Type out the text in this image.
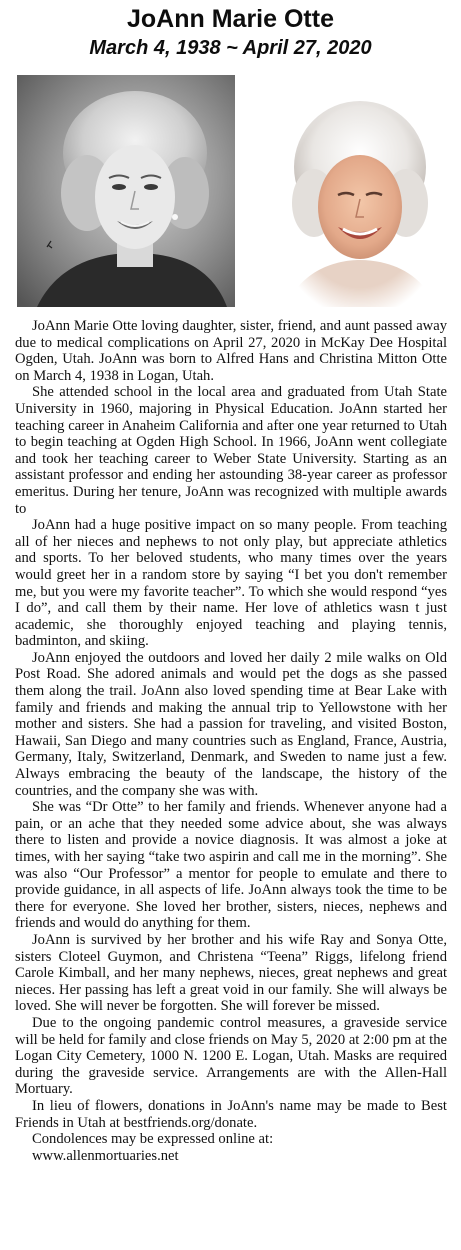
JoAnn Marie Otte
March 4, 1938 ~ April 27, 2020

JoAnn Marie Otte loving daughter, sister, friend, and aunt passed away due to medical complications on April 27, 2020 in McKay Dee Hospital Ogden, Utah. JoAnn was born to Alfred Hans and Christina Mitton Otte on March 4, 1938 in Logan, Utah.

She attended school in the local area and graduated from Utah State University in 1960, majoring in Physical Education. JoAnn started her teaching career in Anaheim California and after one year returned to Utah to begin teaching at Ogden High School. In 1966, JoAnn went collegiate and took her teaching career to Weber State University. Starting as an assistant professor and ending her astounding 38-year career as professor emeritus. During her tenure, JoAnn was recognized with multiple awards to

JoAnn had a huge positive impact on so many people. From teaching all of her nieces and nephews to not only play, but appreciate athletics and sports. To her beloved students, who many times over the years would greet her in a random store by saying “I bet you don't remember me, but you were my favorite teacher”. To which she would respond “yes I do”, and call them by their name. Her love of athletics wasn t just academic, she thoroughly enjoyed teaching and playing tennis, badminton, and skiing.

JoAnn enjoyed the outdoors and loved her daily 2 mile walks on Old Post Road. She adored animals and would pet the dogs as she passed them along the trail. JoAnn also loved spending time at Bear Lake with family and friends and making the annual trip to Yellowstone with her mother and sisters. She had a passion for traveling, and visited Boston, Hawaii, San Diego and many countries such as England, France, Austria, Germany, Italy, Switzerland, Denmark, and Sweden to name just a few. Always embracing the beauty of the landscape, the history of the countries, and the company she was with.

She was “Dr Otte” to her family and friends. Whenever anyone had a pain, or an ache that they needed some advice about, she was always there to listen and provide a novice diagnosis. It was almost a joke at times, with her saying “take two aspirin and call me in the morning”. She was also “Our Professor” a mentor for people to emulate and there to provide guidance, in all aspects of life. JoAnn always took the time to be there for everyone. She loved her brother, sisters, nieces, nephews and friends and would do anything for them.

JoAnn is survived by her brother and his wife Ray and Sonya Otte, sisters Cloteel Guymon, and Christena “Teena” Riggs, lifelong friend Carole Kimball, and her many nephews, nieces, great nephews and great nieces. Her passing has left a great void in our family. She will always be loved. She will never be forgotten. She will forever be missed.

Due to the ongoing pandemic control measures, a graveside service will be held for family and close friends on May 5, 2020 at 2:00 pm at the Logan City Cemetery, 1000 N. 1200 E. Logan, Utah. Masks are required during the graveside service. Arrangements are with the Allen-Hall Mortuary.

In lieu of flowers, donations in JoAnn's name may be made to Best Friends in Utah at bestfriends.org/donate.

Condolences may be expressed online at:

www.allenmortuaries.net
